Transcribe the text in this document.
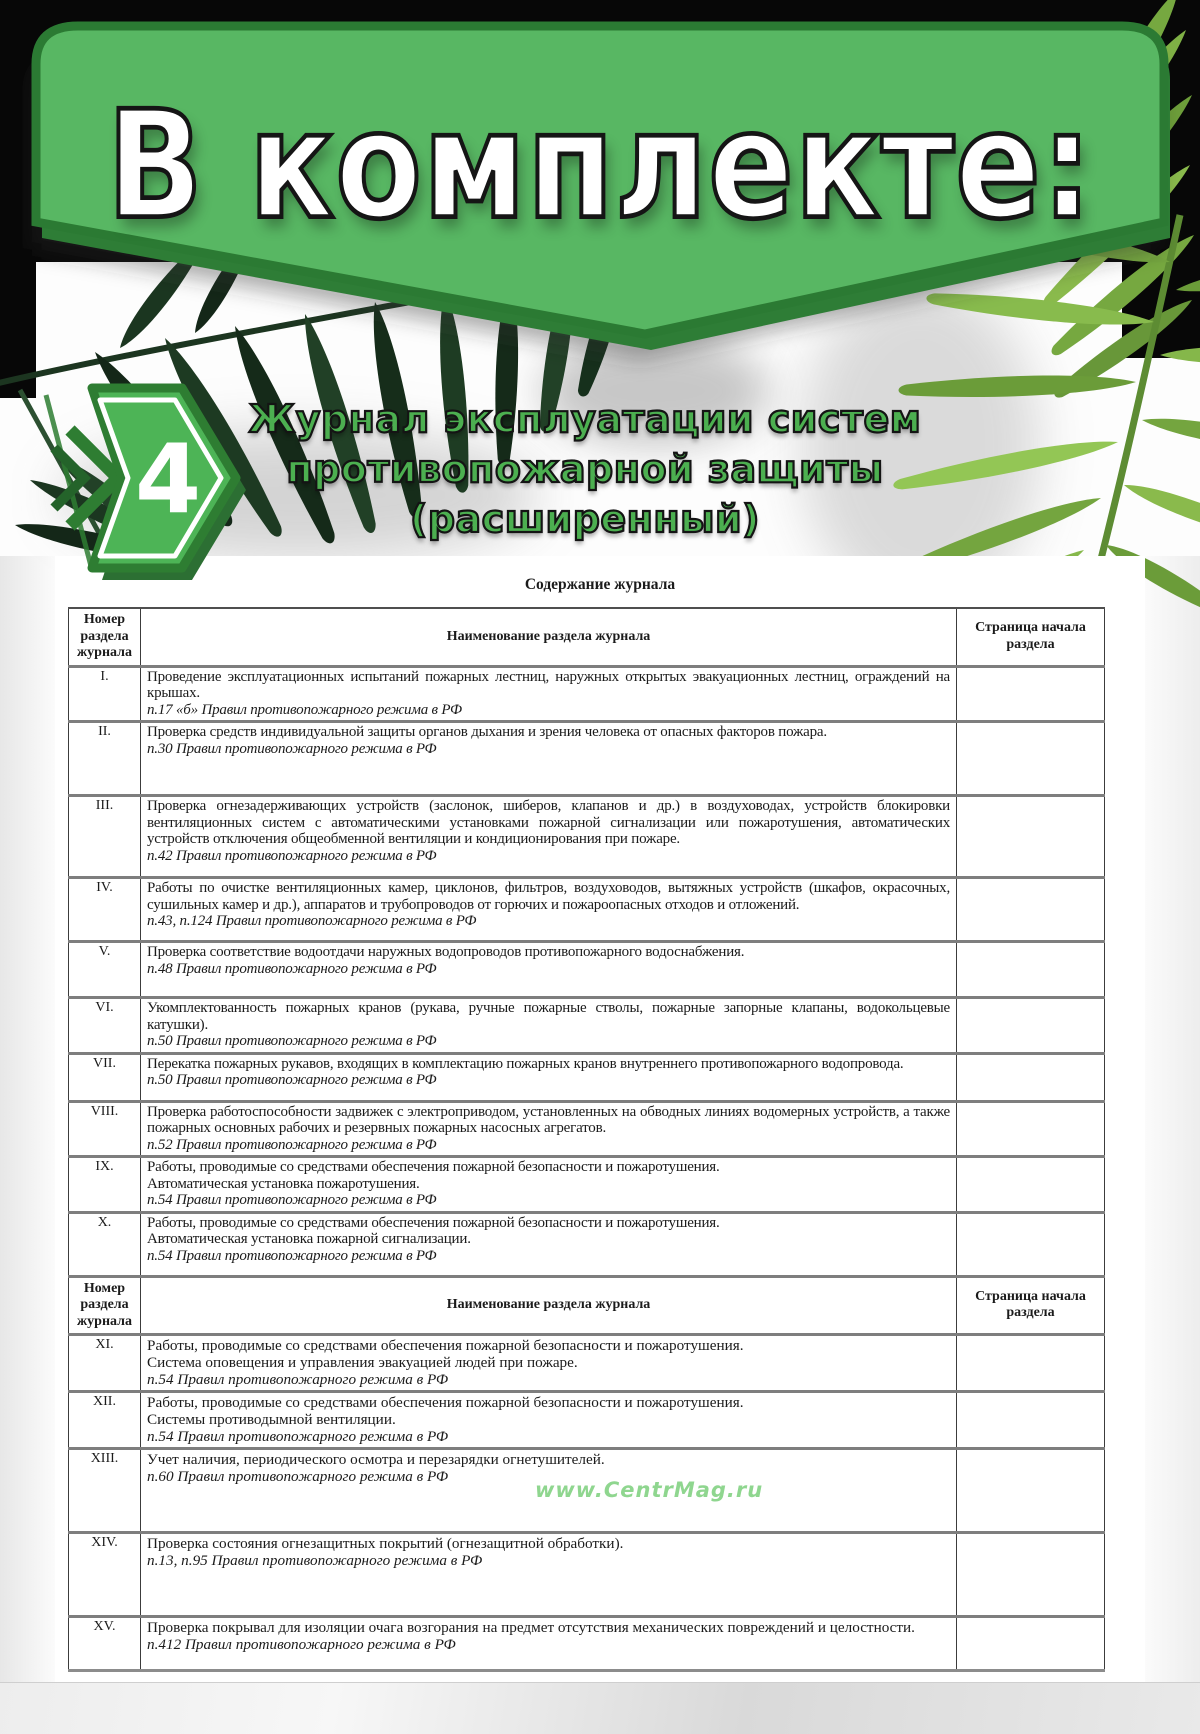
В комплекте:
4
Журнал эксплуатации систем
противопожарной защиты
(расширенный)
Содержание журнала
Номер раздела журнала	Наименование раздела журнала	Страница начала раздела
I.	Проведение эксплуатационных испытаний пожарных лестниц, наружных открытых эвакуационных лестниц, ограждений на крышах.
п.17 «б» Правил противопожарного режима в РФ	

II.	Проверка средств индивидуальной защиты органов дыхания и зрения человека от опасных факторов пожара.
п.30 Правил противопожарного режима в РФ	

III.	Проверка огнезадерживающих устройств (заслонок, шиберов, клапанов и др.) в воздуховодах, устройств блокировки вентиляционных систем с автоматическими установками пожарной сигнализации или пожаротушения, автоматических устройств отключения общеобменной вентиляции и кондиционирования при пожаре.
п.42 Правил противопожарного режима в РФ	

IV.	Работы по очистке вентиляционных камер, циклонов, фильтров, воздуховодов, вытяжных устройств (шкафов, окрасочных, сушильных камер и др.), аппаратов и трубопроводов от горючих и пожароопасных отходов и отложений.
п.43, п.124 Правил противопожарного режима в РФ	

V.	Проверка соответствие водоотдачи наружных водопроводов противопожарного водоснабжения.
п.48 Правил противопожарного режима в РФ	

VI.	Укомплектованность пожарных кранов (рукава, ручные пожарные стволы, пожарные запорные клапаны, водокольцевые катушки).
п.50 Правил противопожарного режима в РФ	

VII.	Перекатка пожарных рукавов, входящих в комплектацию пожарных кранов внутреннего противопожарного водопровода.
п.50 Правил противопожарного режима в РФ	

VIII.	Проверка работоспособности задвижек с электроприводом, установленных на обводных линиях водомерных устройств, а также пожарных основных рабочих и резервных пожарных насосных агрегатов.
п.52 Правил противопожарного режима в РФ	

IX.	Работы, проводимые со средствами обеспечения пожарной безопасности и пожаротушения.
Автоматическая установка пожаротушения.
п.54 Правил противопожарного режима в РФ	

X.	Работы, проводимые со средствами обеспечения пожарной безопасности и пожаротушения.
Автоматическая установка пожарной сигнализации.
п.54 Правил противопожарного режима в РФ	

Номер раздела журнала	Наименование раздела журнала	Страница начала раздела
XI.	Работы, проводимые со средствами обеспечения пожарной безопасности и пожаротушения.
Система оповещения и управления эвакуацией людей при пожаре.
п.54 Правил противопожарного режима в РФ	

XII.	Работы, проводимые со средствами обеспечения пожарной безопасности и пожаротушения.
Системы противодымной вентиляции.
п.54 Правил противопожарного режима в РФ	

XIII.	Учет наличия, периодического осмотра и перезарядки огнетушителей.
п.60 Правил противопожарного режима в РФ	

XIV.	Проверка состояния огнезащитных покрытий (огнезащитной обработки).
п.13, п.95 Правил противопожарного режима в РФ	

XV.	Проверка покрывал для изоляции очага возгорания на предмет отсутствия механических повреждений и целостности.
п.412 Правил противопожарного режима в РФ	

www.CentrMag.ru
